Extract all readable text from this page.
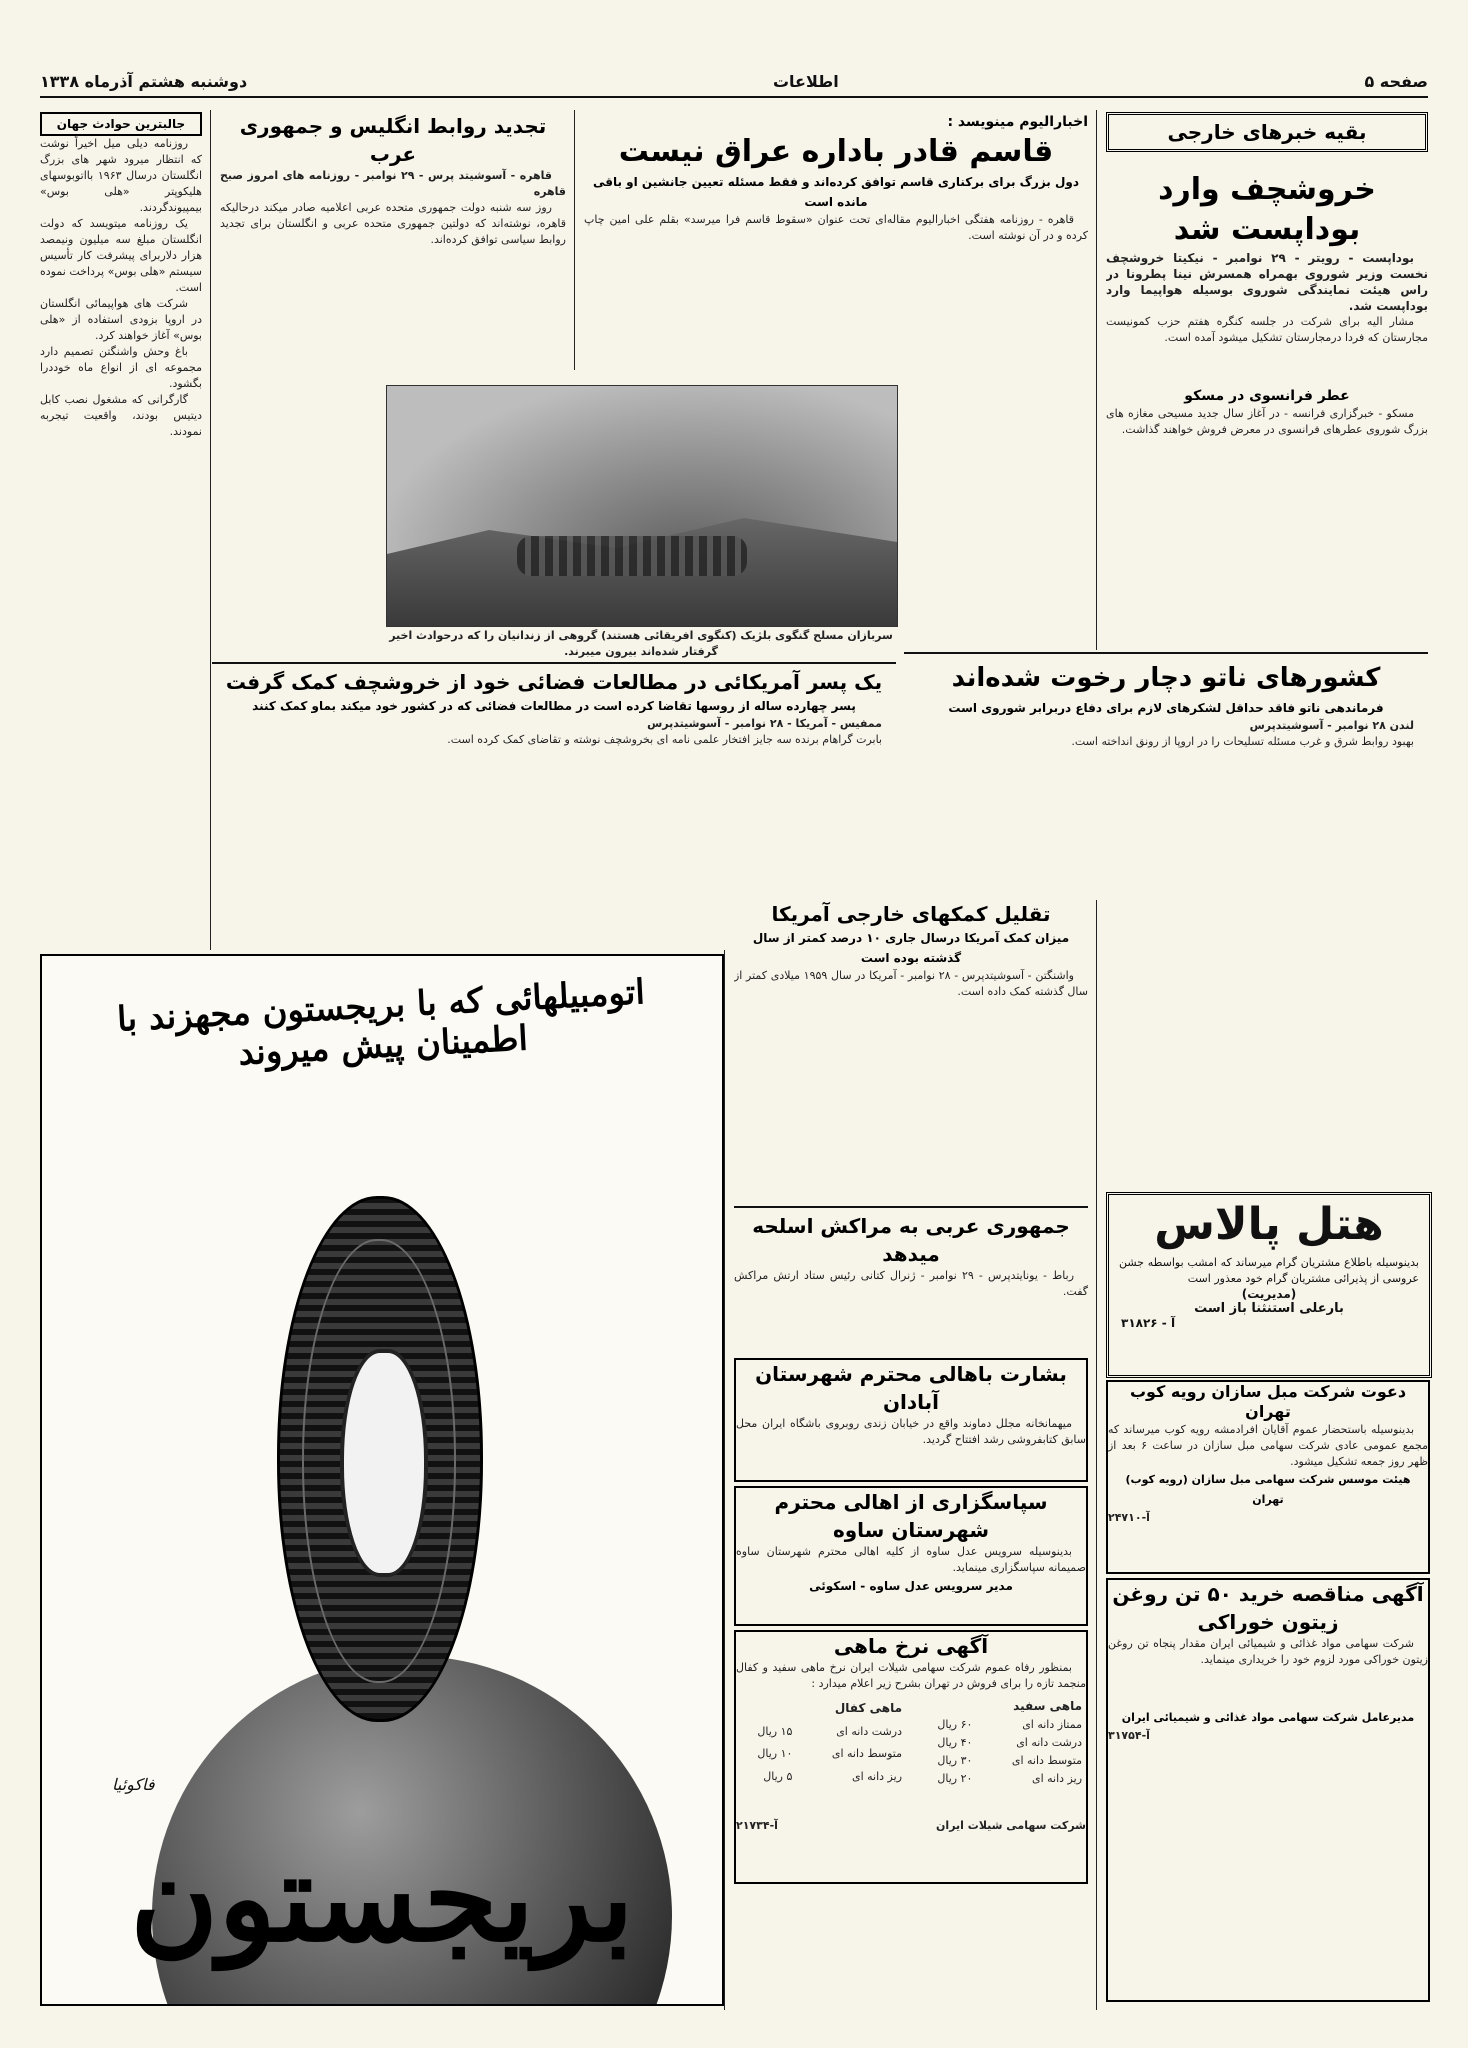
صفحه ۵
اطلاعات
دوشنبه هشتم آذرماه ۱۳۳۸
بقیه خبرهای خارجی
خروشچف وارد بوداپست شد

بوداپست - رویتر - ۲۹ نوامبر - نیکیتا خروشچف نخست وزیر شوروی بهمراه همسرش نینا پطرونا در راس هیئت نمایندگی شوروی بوسیله هواپیما وارد بوداپست شد.

مشار الیه برای شرکت در جلسه کنگره هفتم حزب کمونیست مجارستان که فردا درمجارستان تشکیل میشود آمده است.

عطر فرانسوی در مسکو

مسکو - خبرگزاری فرانسه - در آغاز سال جدید مسیحی مغازه های بزرگ شوروی عطرهای فرانسوی در معرض فروش خواهند گذاشت.

اخبارالیوم مینویسد :
قاسم قادر باداره عراق نیست
دول بزرگ برای برکناری قاسم توافق کرده‌اند و فقط مسئله تعیین جانشین او باقی مانده است

قاهره - روزنامه هفتگی اخبارالیوم مقاله‌ای تحت عنوان «سقوط قاسم فرا میرسد» بقلم علی امین چاپ کرده و در آن نوشته است.

تجدید روابط انگلیس و جمهوری عرب

قاهره - آسوشیتد پرس - ۲۹ نوامبر - روزنامه های امروز صبح قاهره

روز سه شنبه دولت جمهوری متحده عربی اعلامیه صادر میکند درحالیکه قاهره، نوشته‌اند که دولتین جمهوری متحده عربی و انگلستان برای تجدید روابط سیاسی توافق کرده‌اند.

جالبترین حوادث جهان

روزنامه دیلی میل اخیراً نوشت که انتظار میرود شهر های بزرگ انگلستان درسال ۱۹۶۳ بااتوبوسهای هلیکوپتر «هلی بوس» بیمپیوندگردند.

یک روزنامه میتویسد که دولت انگلستان مبلغ سه میلیون ونیمصد هزار دلاربرای پیشرفت کار تأسیس سیستم «هلی بوس» پرداخت نموده است.

شرکت های هواپیمائی انگلستان در اروپا بزودی استفاده از «هلی بوس» آغاز خواهند کرد.

باغ وحش واشنگتن تصمیم دارد مجموعه ای از انواع ماه خوددرا بگشود.

گارگرانی که مشغول نصب کابل دیتیس بودند، واقعیت تیجربه نمودند.

سربازان مسلح گنگوی بلژیک (کنگوی افریقائی هستند) گروهی از زندانیان را که درحوادث اخیر گرفتار شده‌اند بیرون میبرند.
یک پسر آمریکائی در مطالعات فضائی خود از خروشچف کمک گرفت
پسر چهارده ساله از روسها تقاضا کرده است در مطالعات فضائی که در کشور خود میکند بماو کمک کنند

ممفیس - آمریکا - ۲۸ نوامبر - آسوشیتدپرس

بابرت گراهام برنده سه جایز افتخار علمی نامه ای بخروشچف نوشته و تقاضای کمک کرده است.

کشورهای ناتو دچار رخوت شده‌اند
فرماندهی ناتو فاقد حداقل لشکرهای لازم برای دفاع دربرابر شوروی است

لندن ۲۸ نوامبر - آسوشیتدپرس

بهبود روابط شرق و غرب مسئله تسلیحات را در اروپا از رونق انداخته است.

تقلیل کمکهای خارجی آمریکا
میزان کمک آمریکا درسال جاری ۱۰ درصد کمتر از سال گذشته بوده است

واشنگتن - آسوشیتدپرس - ۲۸ نوامبر - آمریکا در سال ۱۹۵۹ میلادی کمتر از سال گذشته کمک داده است.

جمهوری عربی به مراکش اسلحه میدهد

رباط - یونایتدپرس - ۲۹ نوامبر - ژنرال کتانی رئیس ستاد ارتش مراکش گفت.

بشارت باهالی محترم شهرستان آبادان

میهمانخانه مجلل دماوند واقع در خیابان زندی روبروی باشگاه ایران محل سابق کتابفروشی رشد افتتاح گردید.

سپاسگزاری از اهالی محترم شهرستان ساوه

بدینوسیله سرویس عدل ساوه از کلیه اهالی محترم شهرستان ساوه صمیمانه سپاسگزاری مینماید.

مدیر سرویس عدل ساوه - اسکوئی
آگهی نرخ ماهی

بمنظور رفاه عموم شرکت سهامی شیلات ایران نرخ ماهی سفید و کفال منجمد تازه را برای فروش در تهران بشرح زیر اعلام میدارد :

ماهی سفید	
ممتاز دانه ای	۶۰ ریال
درشت دانه ای	۴۰ ریال
متوسط دانه ای	۳۰ ریال
ریز دانه ای	۲۰ ریال
ماهی کفال	
درشت دانه ای	۱۵ ریال
متوسط دانه ای	۱۰ ریال
ریز دانه ای	۵ ریال
شرکت سهامی شیلات ایران
آ-۲۱۷۳۴
هتل پالاس
بدینوسیله باطلاع مشتریان گرام میرساند که امشب بواسطه جشن عروسی از پذیرائی مشتریان گرام خود معذور است
(مدیریت)
بارعلی استنثنا باز است
آ - ۳۱۸۲۶
دعوت شرکت مبل سازان رویه کوب تهران

بدینوسیله باستحضار عموم آقایان افرادمشه رویه کوب میرساند که مجمع عمومی عادی شرکت سهامی مبل سازان در ساعت ۶ بعد از ظهر روز جمعه تشکیل میشود.

هیئت موسس شرکت سهامی مبل سازان (رویه کوب) تهران
آ-۲۴۷۱۰
آگهی مناقصه خرید ۵۰ تن روغن زیتون خوراکی

شرکت سهامی مواد غذائی و شیمیائی ایران مقدار پنجاه تن روغن زیتون خوراکی مورد لزوم خود را خریداری مینماید.

مدیرعامل شرکت سهامی مواد غذائی و شیمیائی ایران
آ-۳۱۷۵۴
اتومبیلهائی که با بریجستون مجهزند با اطمینان پیش میروند
فاکوئیا
بریجستون
